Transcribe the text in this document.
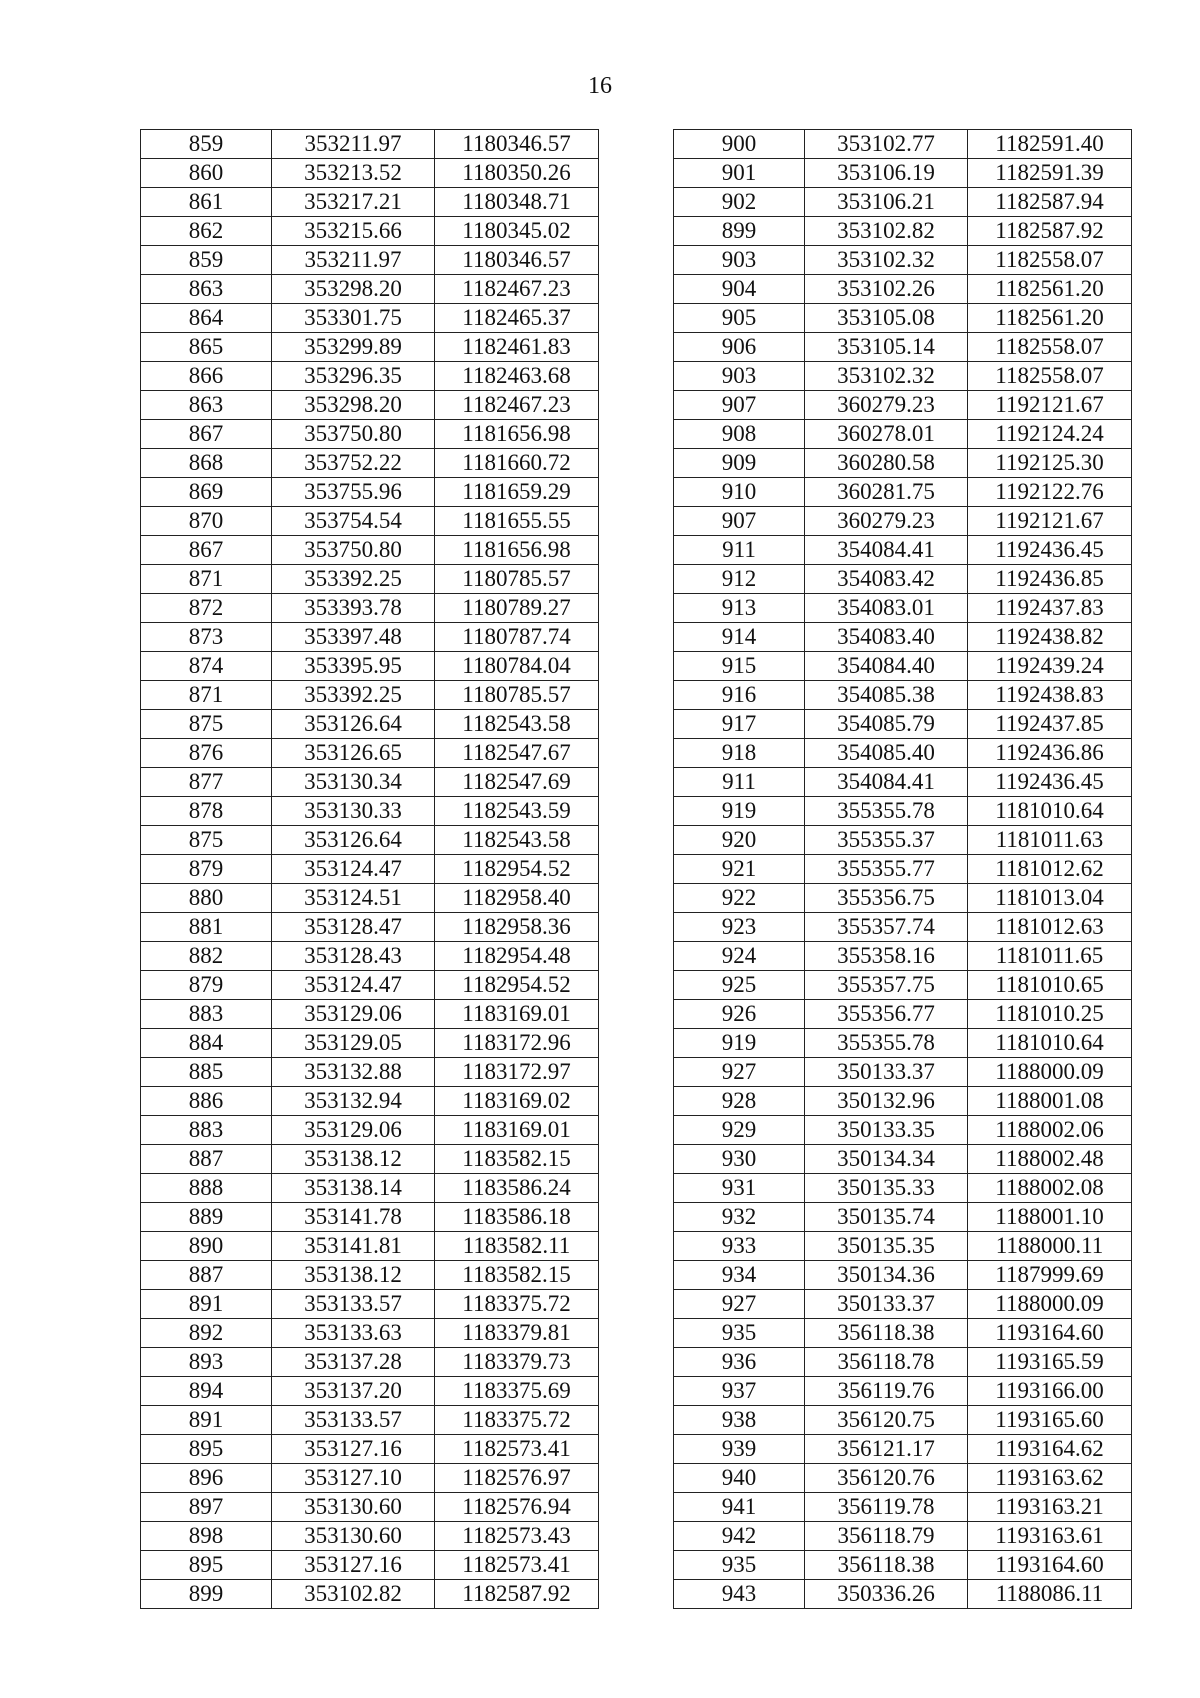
16
859	353211.97	1180346.57
860	353213.52	1180350.26
861	353217.21	1180348.71
862	353215.66	1180345.02
859	353211.97	1180346.57
863	353298.20	1182467.23
864	353301.75	1182465.37
865	353299.89	1182461.83
866	353296.35	1182463.68
863	353298.20	1182467.23
867	353750.80	1181656.98
868	353752.22	1181660.72
869	353755.96	1181659.29
870	353754.54	1181655.55
867	353750.80	1181656.98
871	353392.25	1180785.57
872	353393.78	1180789.27
873	353397.48	1180787.74
874	353395.95	1180784.04
871	353392.25	1180785.57
875	353126.64	1182543.58
876	353126.65	1182547.67
877	353130.34	1182547.69
878	353130.33	1182543.59
875	353126.64	1182543.58
879	353124.47	1182954.52
880	353124.51	1182958.40
881	353128.47	1182958.36
882	353128.43	1182954.48
879	353124.47	1182954.52
883	353129.06	1183169.01
884	353129.05	1183172.96
885	353132.88	1183172.97
886	353132.94	1183169.02
883	353129.06	1183169.01
887	353138.12	1183582.15
888	353138.14	1183586.24
889	353141.78	1183586.18
890	353141.81	1183582.11
887	353138.12	1183582.15
891	353133.57	1183375.72
892	353133.63	1183379.81
893	353137.28	1183379.73
894	353137.20	1183375.69
891	353133.57	1183375.72
895	353127.16	1182573.41
896	353127.10	1182576.97
897	353130.60	1182576.94
898	353130.60	1182573.43
895	353127.16	1182573.41
899	353102.82	1182587.92
900	353102.77	1182591.40
901	353106.19	1182591.39
902	353106.21	1182587.94
899	353102.82	1182587.92
903	353102.32	1182558.07
904	353102.26	1182561.20
905	353105.08	1182561.20
906	353105.14	1182558.07
903	353102.32	1182558.07
907	360279.23	1192121.67
908	360278.01	1192124.24
909	360280.58	1192125.30
910	360281.75	1192122.76
907	360279.23	1192121.67
911	354084.41	1192436.45
912	354083.42	1192436.85
913	354083.01	1192437.83
914	354083.40	1192438.82
915	354084.40	1192439.24
916	354085.38	1192438.83
917	354085.79	1192437.85
918	354085.40	1192436.86
911	354084.41	1192436.45
919	355355.78	1181010.64
920	355355.37	1181011.63
921	355355.77	1181012.62
922	355356.75	1181013.04
923	355357.74	1181012.63
924	355358.16	1181011.65
925	355357.75	1181010.65
926	355356.77	1181010.25
919	355355.78	1181010.64
927	350133.37	1188000.09
928	350132.96	1188001.08
929	350133.35	1188002.06
930	350134.34	1188002.48
931	350135.33	1188002.08
932	350135.74	1188001.10
933	350135.35	1188000.11
934	350134.36	1187999.69
927	350133.37	1188000.09
935	356118.38	1193164.60
936	356118.78	1193165.59
937	356119.76	1193166.00
938	356120.75	1193165.60
939	356121.17	1193164.62
940	356120.76	1193163.62
941	356119.78	1193163.21
942	356118.79	1193163.61
935	356118.38	1193164.60
943	350336.26	1188086.11
